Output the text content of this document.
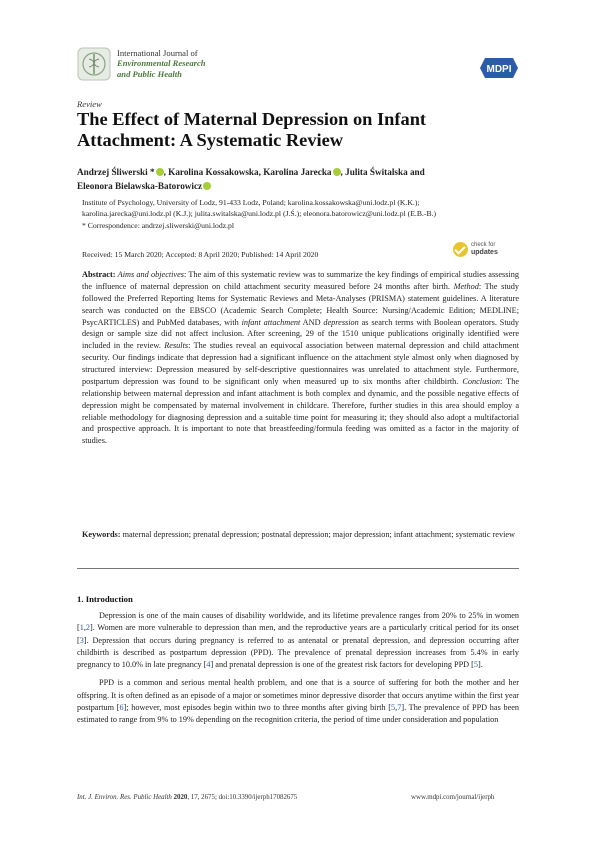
International Journal of
Environmental Research
and Public Health	MDPI
Review
The Effect of Maternal Depression on Infant Attachment: A Systematic Review
Andrzej Śliwerski * , Karolina Kossakowska, Karolina Jarecka , Julita Świtalska and
Eleonora Bielawska-Batorowicz
Institute of Psychology, University of Lodz, 91-433 Lodz, Poland; karolina.kossakowska@uni.lodz.pl (K.K.);
karolina.jarecka@uni.lodz.pl (K.J.); julita.switalska@uni.lodz.pl (J.Ś.); eleonora.batorowicz@uni.lodz.pl (E.B.-B.)
* Correspondence: andrzej.sliwerski@uni.lodz.pl
Received: 15 March 2020; Accepted: 8 April 2020; Published: 14 April 2020
check for
updates
Abstract: Aims and objectives: The aim of this systematic review was to summarize the key findings of empirical studies assessing the influence of maternal depression on child attachment security measured before 24 months after birth. Method: The study followed the Preferred Reporting Items for Systematic Reviews and Meta-Analyses (PRISMA) statement guidelines. A literature search was conducted on the EBSCO (Academic Search Complete; Health Source: Nursing/Academic Edition; MEDLINE; PsycARTICLES) and PubMed databases, with infant attachment AND depression as search terms with Boolean operators. Study design or sample size did not affect inclusion. After screening, 29 of the 1510 unique publications originally identified were included in the review. Results: The studies reveal an equivocal association between maternal depression and child attachment security. Our findings indicate that depression had a significant influence on the attachment style almost only when diagnosed by structured interview: Depression measured by self-descriptive questionnaires was unrelated to attachment style. Furthermore, postpartum depression was found to be significant only when measured up to six months after childbirth. Conclusion: The relationship between maternal depression and infant attachment is both complex and dynamic, and the possible negative effects of depression might be compensated by maternal involvement in childcare. Therefore, further studies in this area should employ a reliable methodology for diagnosing depression and a suitable time point for measuring it; they should also adopt a multifactorial and prospective approach. It is important to note that breastfeeding/formula feeding was omitted as a factor in the majority of studies.
Keywords: maternal depression; prenatal depression; postnatal depression; major depression; infant attachment; systematic review
1. Introduction

Depression is one of the main causes of disability worldwide, and its lifetime prevalence ranges from 20% to 25% in women [1,2]. Women are more vulnerable to depression than men, and the reproductive years are a particularly critical period for its onset [3]. Depression that occurs during pregnancy is referred to as antenatal or prenatal depression, and depression occurring after childbirth is described as postpartum depression (PPD). The prevalence of prenatal depression increases from 5.4% in early pregnancy to 10.0% in late pregnancy [4] and prenatal depression is one of the greatest risk factors for developing PPD [5].

PPD is a common and serious mental health problem, and one that is a source of suffering for both the mother and her offspring. It is often defined as an episode of a major or sometimes minor depressive disorder that occurs anytime within the first year postpartum [6]; however, most episodes begin within two to three months after giving birth [5,7]. The prevalence of PPD has been estimated to range from 9% to 19% depending on the recognition criteria, the period of time under consideration and population

Int. J. Environ. Res. Public Health 2020, 17, 2675; doi:10.3390/ijerph17082675	www.mdpi.com/journal/ijerph
